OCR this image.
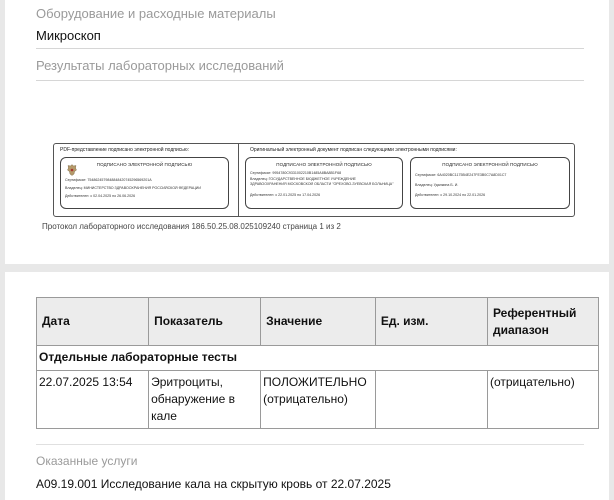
Оборудование и расходные материалы
Микроскоп
Результаты лабораторных исследований
PDF-представление подписано электронной подписью:	Оригинальный электронный документ подписан следующими электронными подписями:
ПОДПИСАНО ЭЛЕКТРОННОЙ ПОДПИСЬЮ
Сертификат: 7548624579848848420745296569201A
Владелец: МИНИСТЕРСТВО ЗДРАВООХРАНЕНИЯ РОССИЙСКОЙ ФЕДЕРАЦИИ
Действителен: с 02.04.2025 по 26.06.2026
ПОДПИСАНО ЭЛЕКТРОННОЙ ПОДПИСЬЮ
Сертификат: 9954780C9331002210B1485A8BA8B1F68
Владелец: ГОСУДАРСТВЕННОЕ БЮДЖЕТНОЕ УЧРЕЖДЕНИЕ
ЗДРАВООХРАНЕНИЯ МОСКОВСКОЙ ОБЛАСТИ "ОРЕХОВО-ЗУЕВСКАЯ БОЛЬНИЦА"
Действителен: с 22.01.2025 по 17.04.2026
ПОДПИСАНО ЭЛЕКТРОННОЙ ПОДПИСЬЮ
Сертификат: 6A4020BC1175B4E247FE3B0C7A8D01C7
Владелец: Удалкина Б. И.
Действителен: с 29.10.2024 по 22.01.2026
Протокол лабораторного исследования 186.50.25.08.025109240 страница 1 из 2
Дата	Показатель	Значение	Ед. изм.	Референтный диапазон
Отдельные лабораторные тесты				
22.07.2025 13:54	Эритроциты, обнаружение в кале	ПОЛОЖИТЕЛЬНО (отрицательно)		(отрицательно)
Оказанные услуги
A09.19.001 Исследование кала на скрытую кровь от 22.07.2025
